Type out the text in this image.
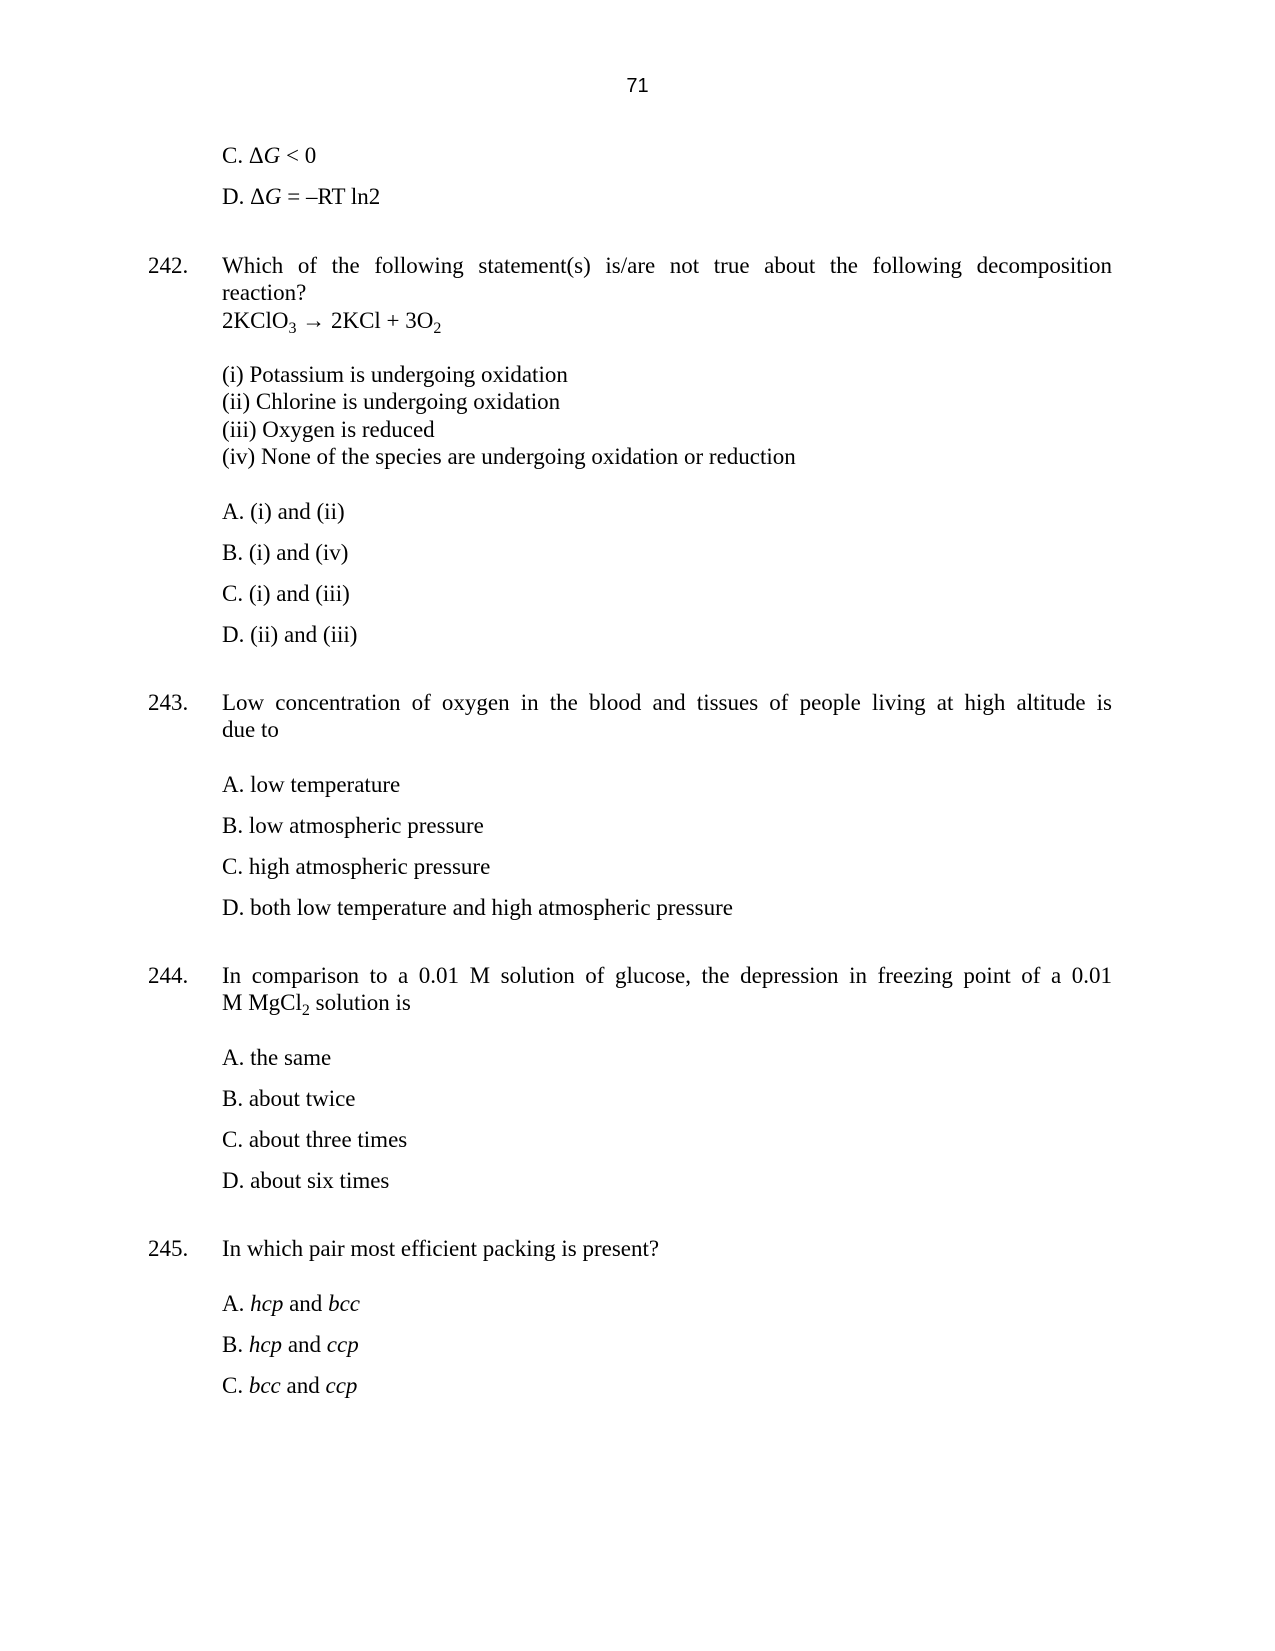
71
C. ΔG < 0
D. ΔG = –RT ln2
242. Which of the following statement(s) is/are not true about the following decomposition
reaction?
2KClO$_3$ → $2KCl + 3O_2$
(i) Potassium is undergoing oxidation
(ii) Chlorine is undergoing oxidation
(iii) Oxygen is reduced
(iv) None of the species are undergoing oxidation or reduction
A. (i) and (ii)
B. (i) and (iv)
C. (i) and (iii)
D. (ii) and (iii)
243. Low concentration of oxygen in the blood and tissues of people living at high altitude is
due to
A. low temperature
B. low atmospheric pressure
C. high atmospheric pressure
D. both low temperature and high atmospheric pressure
244. In comparison to a 0.01 M solution of glucose, the depression in freezing point of a 0.01
M MgCl$_2$ solution is
A. the same
B. about twice
C. about three times
D. about six times
245. In which pair most efficient packing is present?
A. hcp and bcc
B. hcp and ccp
C. bcc and ccp
